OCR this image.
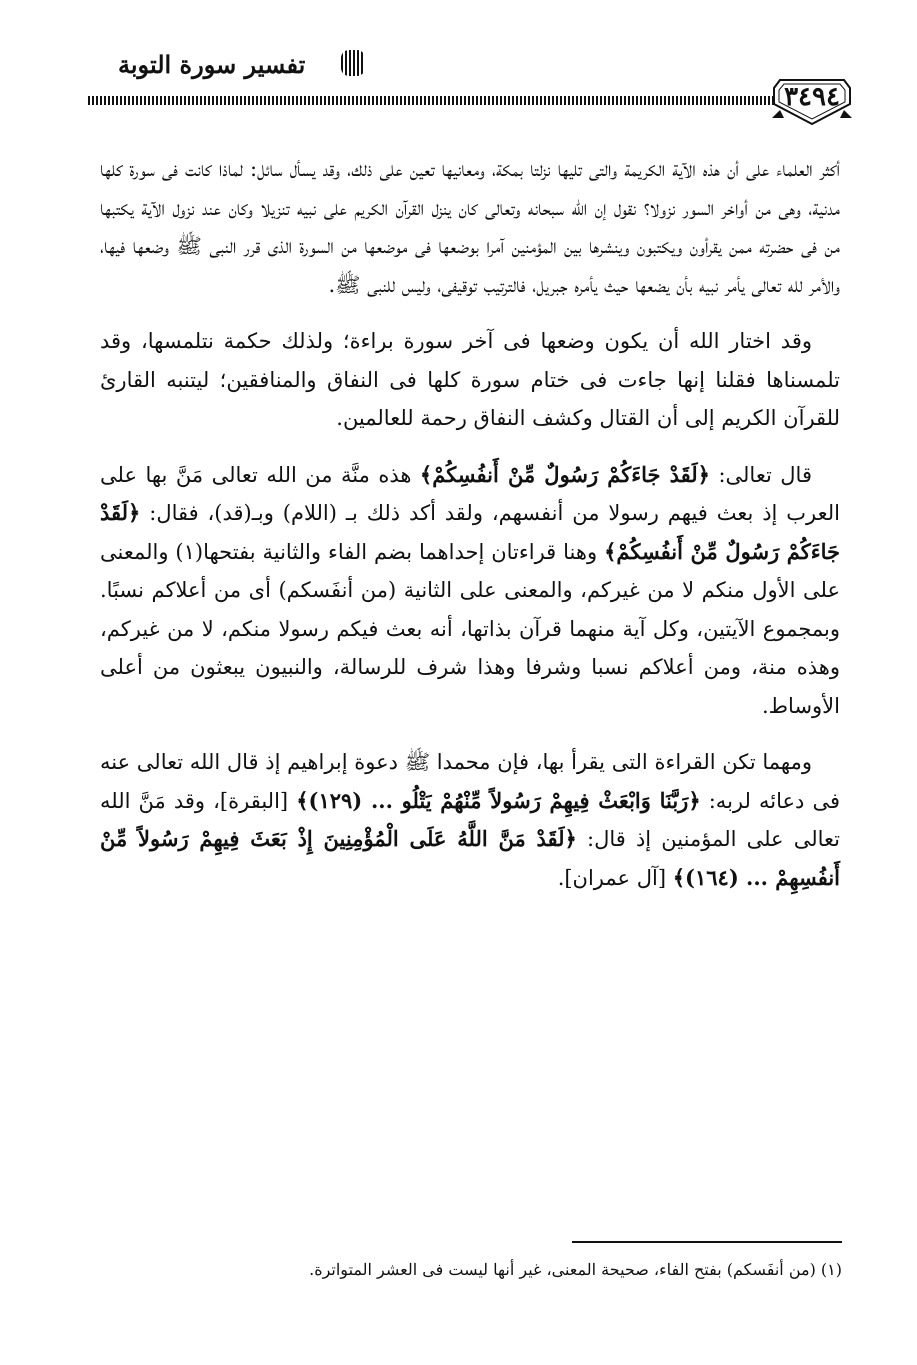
تفسير سورة التوبة
٣٤٩٤

أكثر العلماء على أن هذه الآية الكريمة والتى تليها نزلتا بمكة، ومعانيها تعين على ذلك، وقد يسأل سائل: لماذا كانت فى سورة كلها مدنية، وهى من أواخر السور نزولا؟ نقول إن الله سبحانه وتعالى كان ينزل القرآن الكريم على نبيه تنزيلا وكان عند نزول الآية يكتبها من فى حضرته ممن يقرأون ويكتبون وينشرها بين المؤمنين آمرا بوضعها فى موضعها من السورة الذى قرر النبى ﷺ وضعها فيها، والأمر لله تعالى يأمر نبيه بأن يضعها حيث يأمره جبريل، فالترتيب توقيفى، وليس للنبى ﷺ.

وقد اختار الله أن يكون وضعها فى آخر سورة براءة؛ ولذلك حكمة نتلمسها، وقد تلمسناها فقلنا إنها جاءت فى ختام سورة كلها فى النفاق والمنافقين؛ ليتنبه القارئ للقرآن الكريم إلى أن القتال وكشف النفاق رحمة للعالمين.

قال تعالى: ﴿لَقَدْ جَاءَكُمْ رَسُولٌ مِّنْ أَنفُسِكُمْ﴾ هذه منَّة من الله تعالى مَنَّ بها على العرب إذ بعث فيهم رسولا من أنفسهم، ولقد أكد ذلك بـ (اللام) وبـ(قد)، فقال: ﴿لَقَدْ جَاءَكُمْ رَسُولٌ مِّنْ أَنفُسِكُمْ﴾ وهنا قراءتان إحداهما بضم الفاء والثانية بفتحها(١) والمعنى على الأول منكم لا من غيركم، والمعنى على الثانية (من أنفَسكم) أى من أعلاكم نسبًا. وبمجموع الآيتين، وكل آية منهما قرآن بذاتها، أنه بعث فيكم رسولا منكم، لا من غيركم، وهذه منة، ومن أعلاكم نسبا وشرفا وهذا شرف للرسالة، والنبيون يبعثون من أعلى الأوساط.

ومهما تكن القراءة التى يقرأ بها، فإن محمدا ﷺ دعوة إبراهيم إذ قال الله تعالى عنه فى دعائه لربه: ﴿رَبَّنَا وَابْعَثْ فِيهِمْ رَسُولاً مِّنْهُمْ يَتْلُو ... (١٢٩)﴾ [البقرة]، وقد مَنَّ الله تعالى على المؤمنين إذ قال: ﴿لَقَدْ مَنَّ اللَّهُ عَلَى الْمُؤْمِنِينَ إِذْ بَعَثَ فِيهِمْ رَسُولاً مِّنْ أَنفُسِهِمْ ... (١٦٤)﴾ [آل عمران].

(١) (من أنفَسكم) بفتح الفاء، صحيحة المعنى، غير أنها ليست فى العشر المتواترة.
